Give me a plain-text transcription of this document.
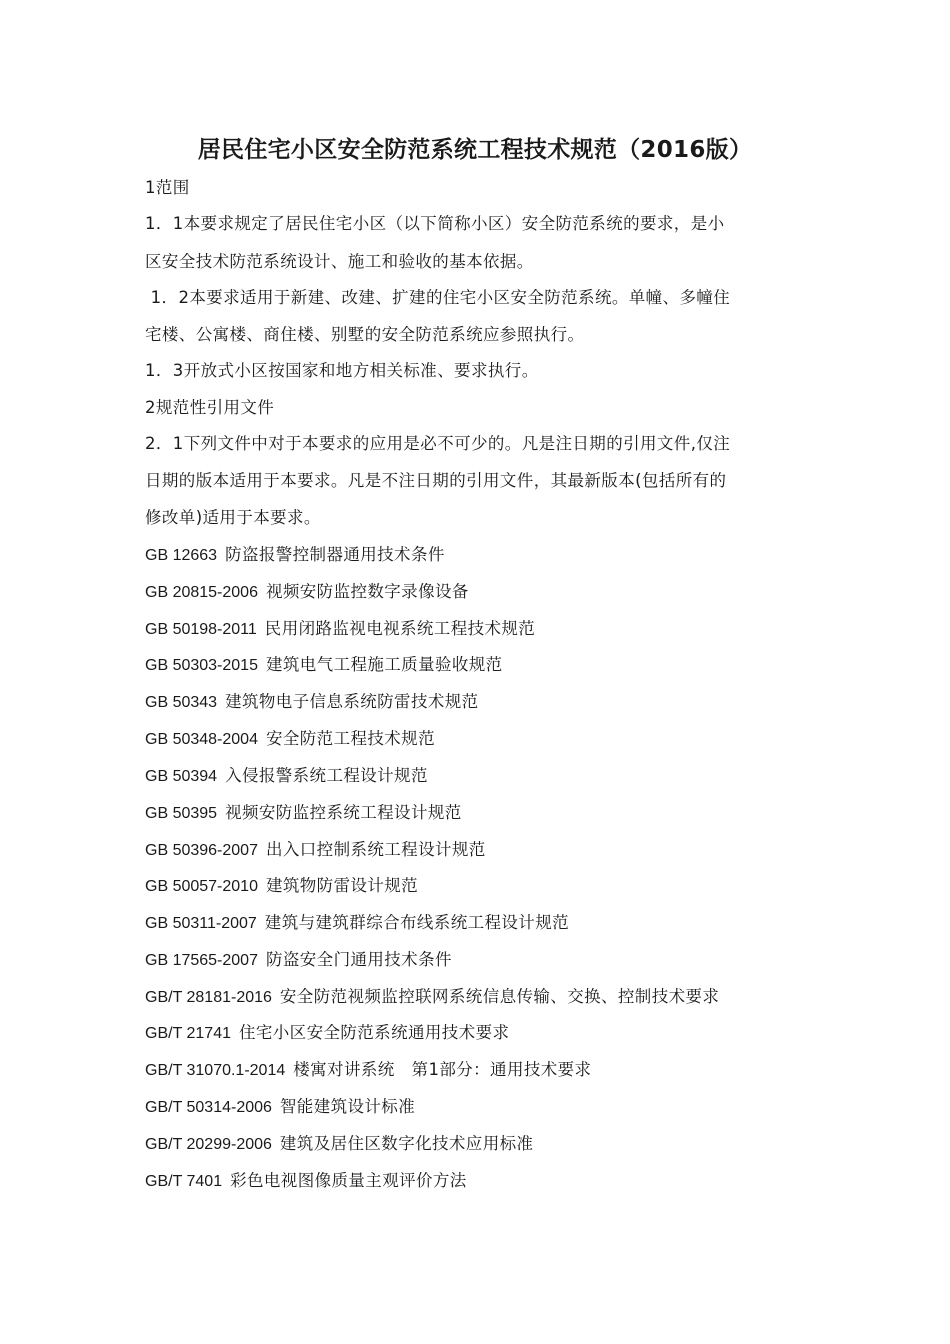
居民住宅小区安全防范系统工程技术规范（2016版）
1范围
1．1本要求规定了居民住宅小区（以下简称小区）安全防范系统的要求，是小
区安全技术防范系统设计、施工和验收的基本依据。
1．2本要求适用于新建、改建、扩建的住宅小区安全防范系统。单幢、多幢住
宅楼、公寓楼、商住楼、别墅的安全防范系统应参照执行。
1．3开放式小区按国家和地方相关标准、要求执行。
2规范性引用文件
2．1下列文件中对于本要求的应用是必不可少的。凡是注日期的引用文件,仅注
日期的版本适用于本要求。凡是不注日期的引用文件，其最新版本(包括所有的
修改单)适用于本要求。
GB 12663 防盗报警控制器通用技术条件
GB 20815-2006 视频安防监控数字录像设备
GB 50198-2011 民用闭路监视电视系统工程技术规范
GB 50303-2015 建筑电气工程施工质量验收规范
GB 50343 建筑物电子信息系统防雷技术规范
GB 50348-2004 安全防范工程技术规范
GB 50394 入侵报警系统工程设计规范
GB 50395 视频安防监控系统工程设计规范
GB 50396-2007 出入口控制系统工程设计规范
GB 50057-2010 建筑物防雷设计规范
GB 50311-2007 建筑与建筑群综合布线系统工程设计规范
GB 17565-2007 防盗安全门通用技术条件
GB/T 28181-2016 安全防范视频监控联网系统信息传输、交换、控制技术要求
GB/T 21741 住宅小区安全防范系统通用技术要求
GB/T 31070.1-2014 楼寓对讲系统　第1部分：通用技术要求
GB/T 50314-2006 智能建筑设计标准
GB/T 20299-2006 建筑及居住区数字化技术应用标准
GB/T 7401 彩色电视图像质量主观评价方法
